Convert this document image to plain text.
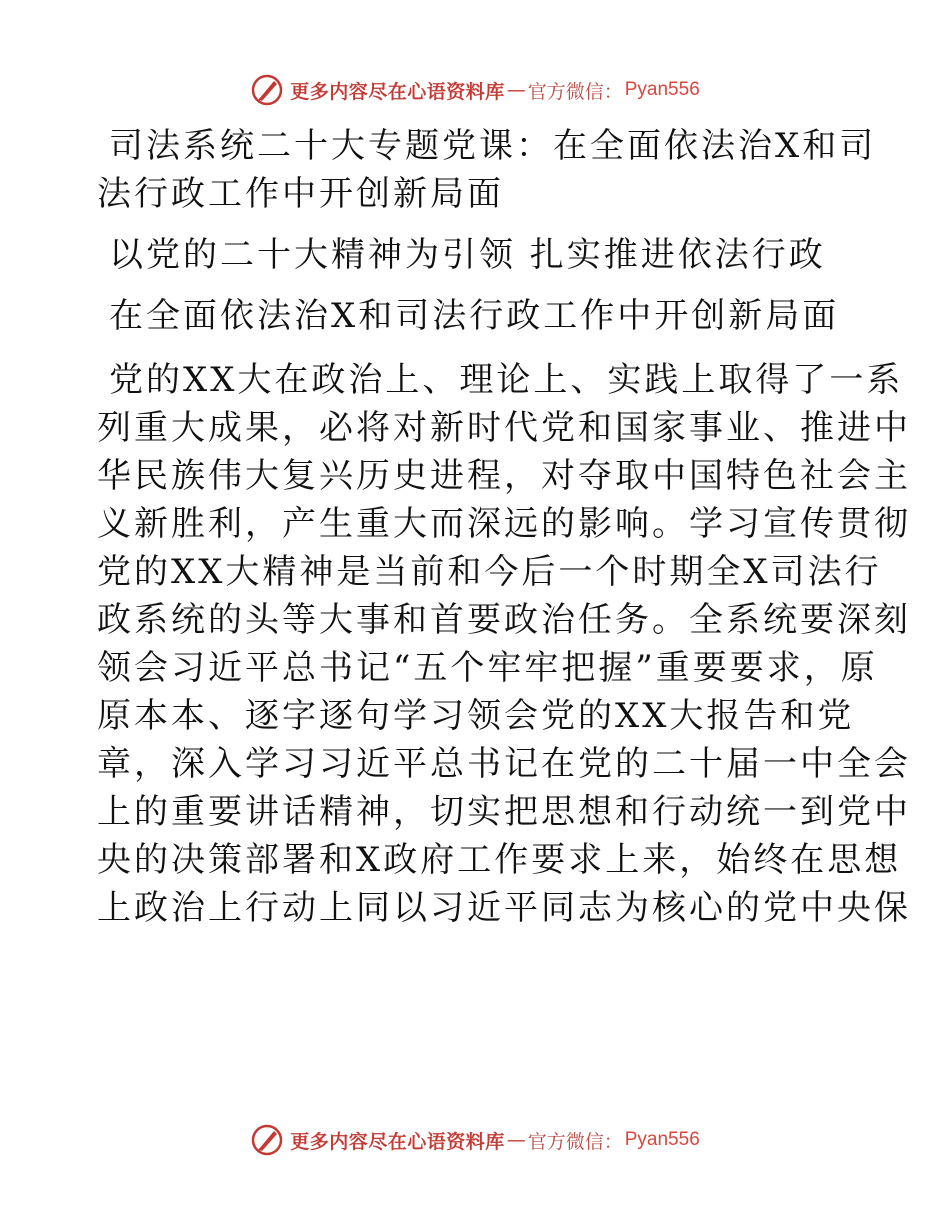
更多内容尽在心语资料库 — 官方微信： Pyan556
司法系统二十大专题党课：在全面依法治X和司
法行政工作中开创新局面
以党的二十大精神为引领 扎实推进依法行政
在全面依法治X和司法行政工作中开创新局面
党的XX大在政治上、理论上、实践上取得了一系
列重大成果，必将对新时代党和国家事业、推进中
华民族伟大复兴历史进程，对夺取中国特色社会主
义新胜利，产生重大而深远的影响。学习宣传贯彻
党的XX大精神是当前和今后一个时期全X司法行
政系统的头等大事和首要政治任务。全系统要深刻
领会习近平总书记“五个牢牢把握”重要要求，原
原本本、逐字逐句学习领会党的XX大报告和党
章，深入学习习近平总书记在党的二十届一中全会
上的重要讲话精神，切实把思想和行动统一到党中
央的决策部署和X政府工作要求上来，始终在思想
上政治上行动上同以习近平同志为核心的党中央保
更多内容尽在心语资料库 — 官方微信： Pyan556
